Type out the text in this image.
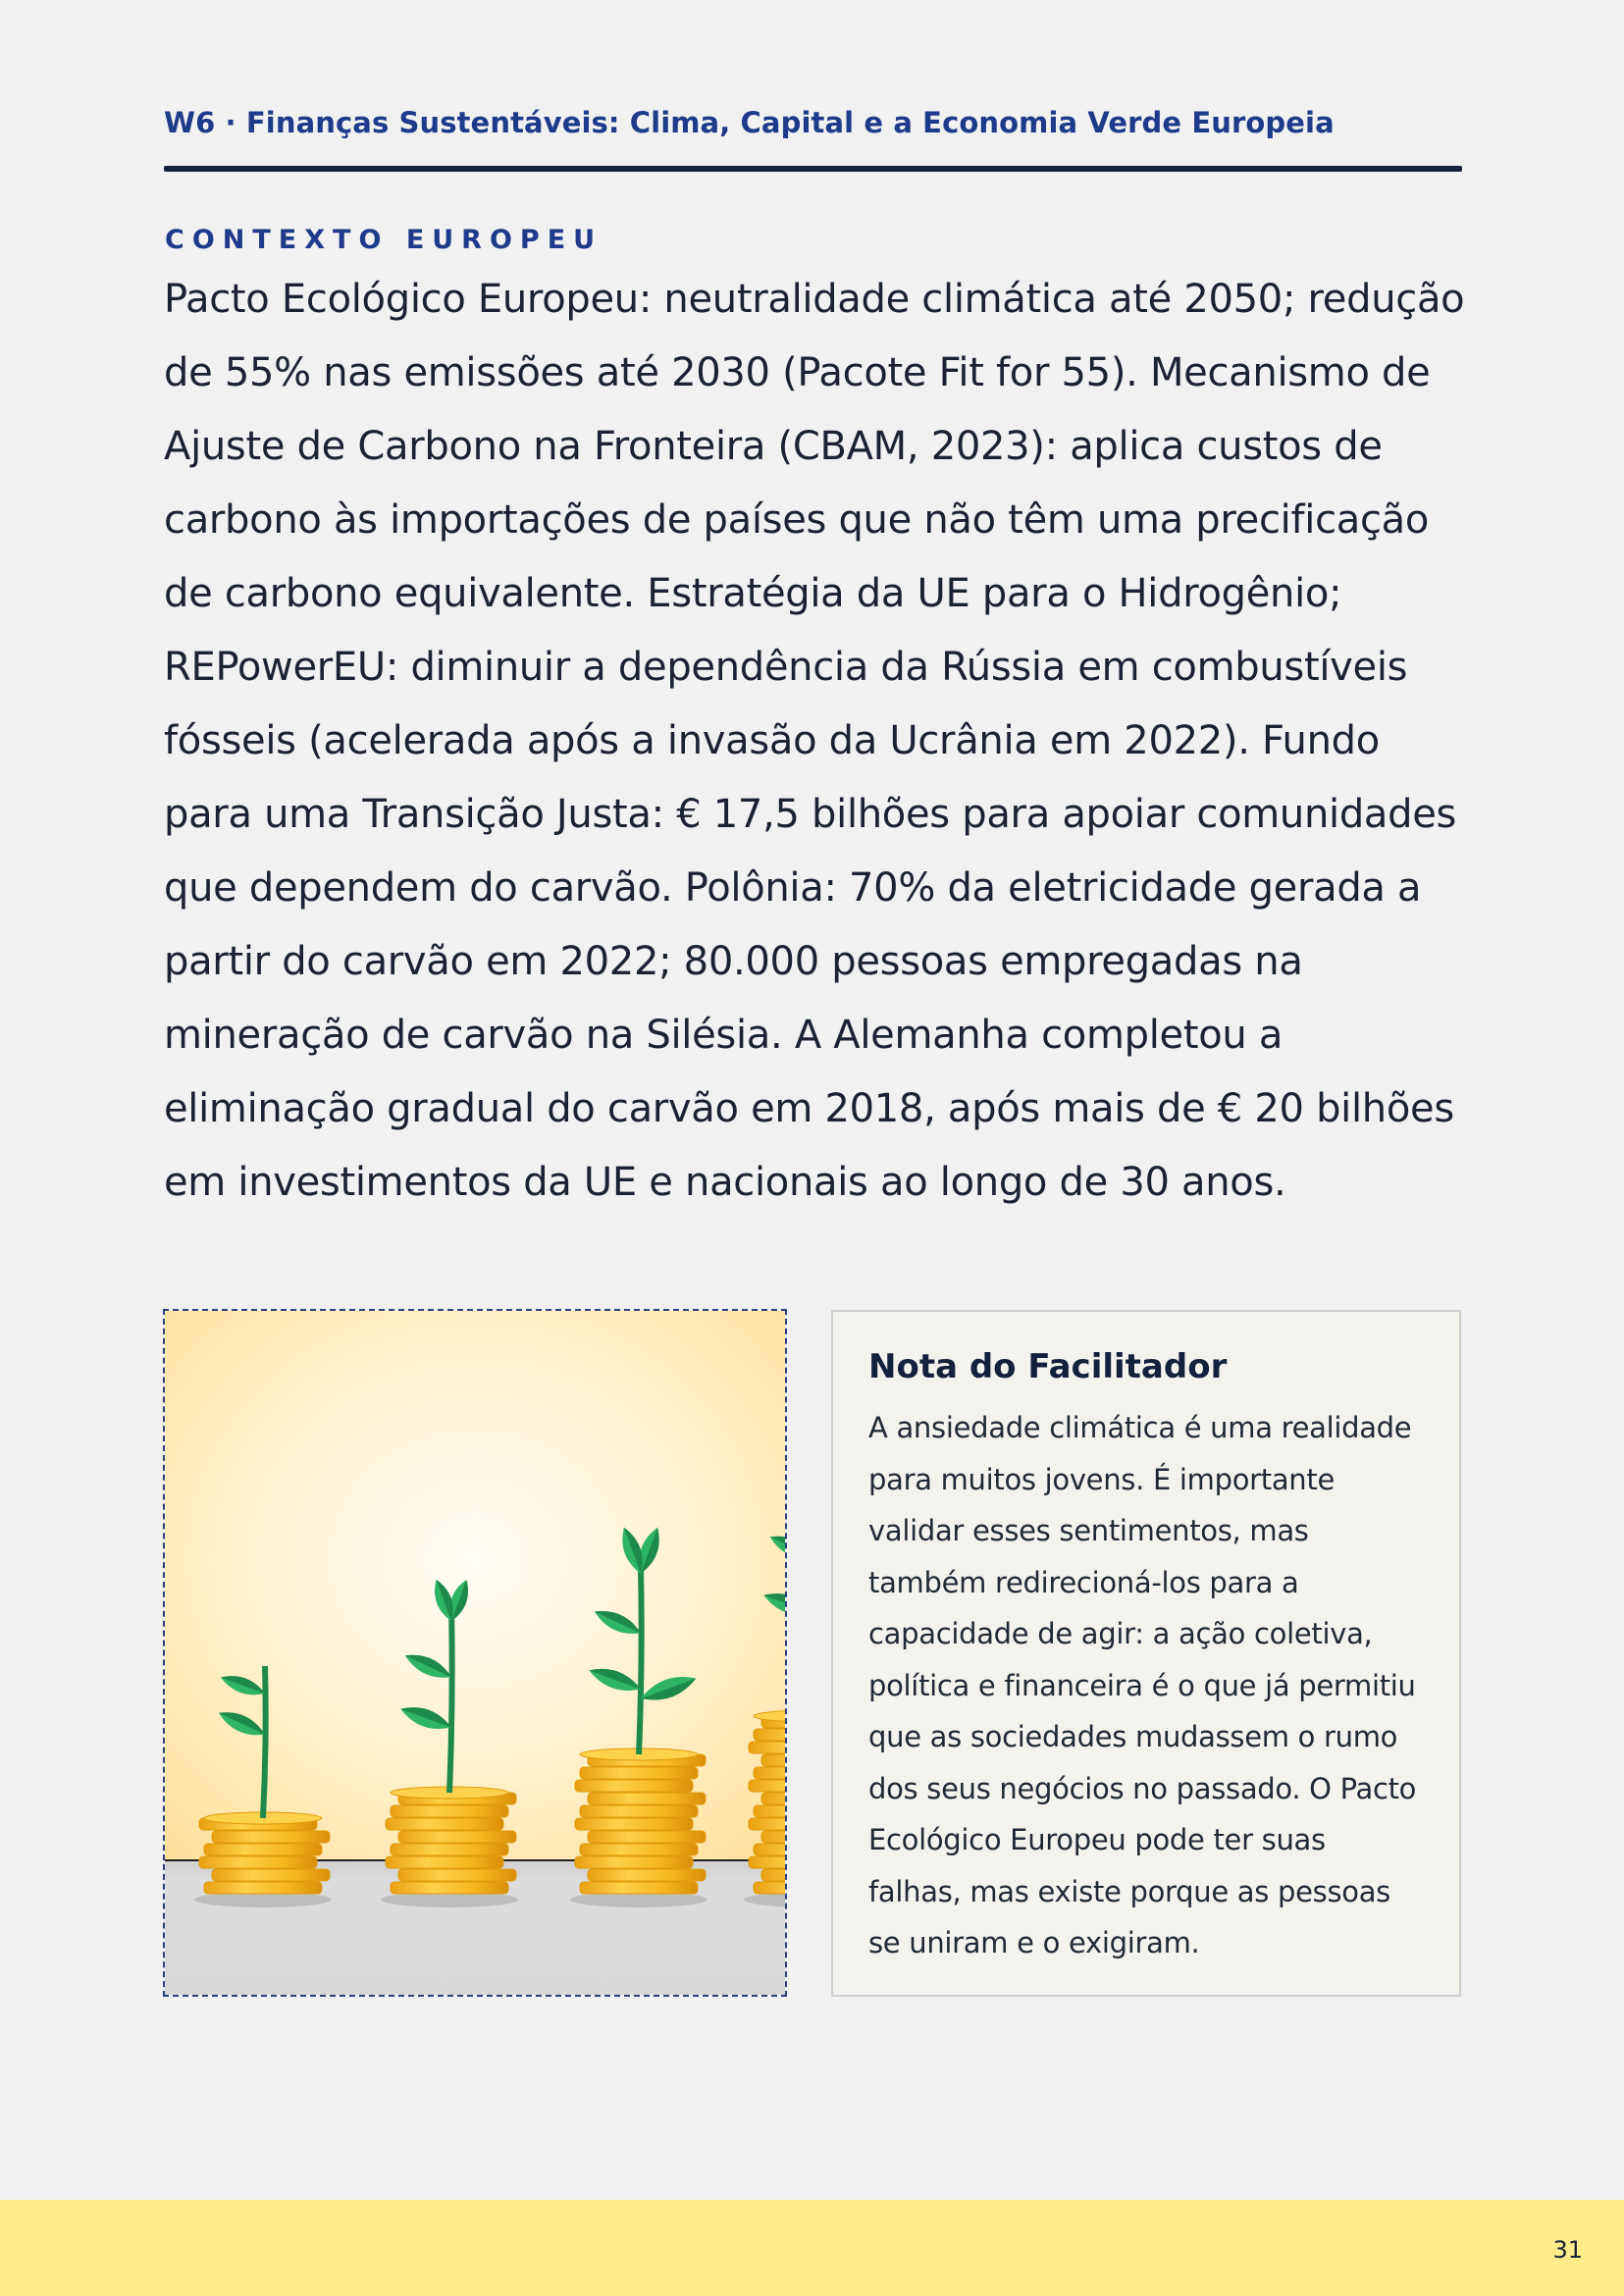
W6 · Finanças Sustentáveis: Clima, Capital e a Economia Verde Europeia
CONTEXTO EUROPEU

Pacto Ecológico Europeu: neutralidade climática até 2050; redução de 55% nas emissões até 2030 (Pacote Fit for 55). Mecanismo de Ajuste de Carbono na Fronteira (CBAM, 2023): aplica custos de carbono às importações de países que não têm uma precificação de carbono equivalente. Estratégia da UE para o Hidrogênio; REPowerEU: diminuir a dependência da Rússia em combustíveis fósseis (acelerada após a invasão da Ucrânia em 2022). Fundo para uma Transição Justa: € 17,5 bilhões para apoiar comunidades que dependem do carvão. Polônia: 70% da eletricidade gerada a partir do carvão em 2022; 80.000 pessoas empregadas na mineração de carvão na Silésia. A Alemanha completou a eliminação gradual do carvão em 2018, após mais de € 20 bilhões em investimentos da UE e nacionais ao longo de 30 anos.

Nota do Facilitador

A ansiedade climática é uma realidade para muitos jovens. É importante validar esses sentimentos, mas também redirecioná-los para a capacidade de agir: a ação coletiva, política e financeira é o que já permitiu que as sociedades mudassem o rumo dos seus negócios no passado. O Pacto Ecológico Europeu pode ter suas falhas, mas existe porque as pessoas se uniram e o exigiram.

31
